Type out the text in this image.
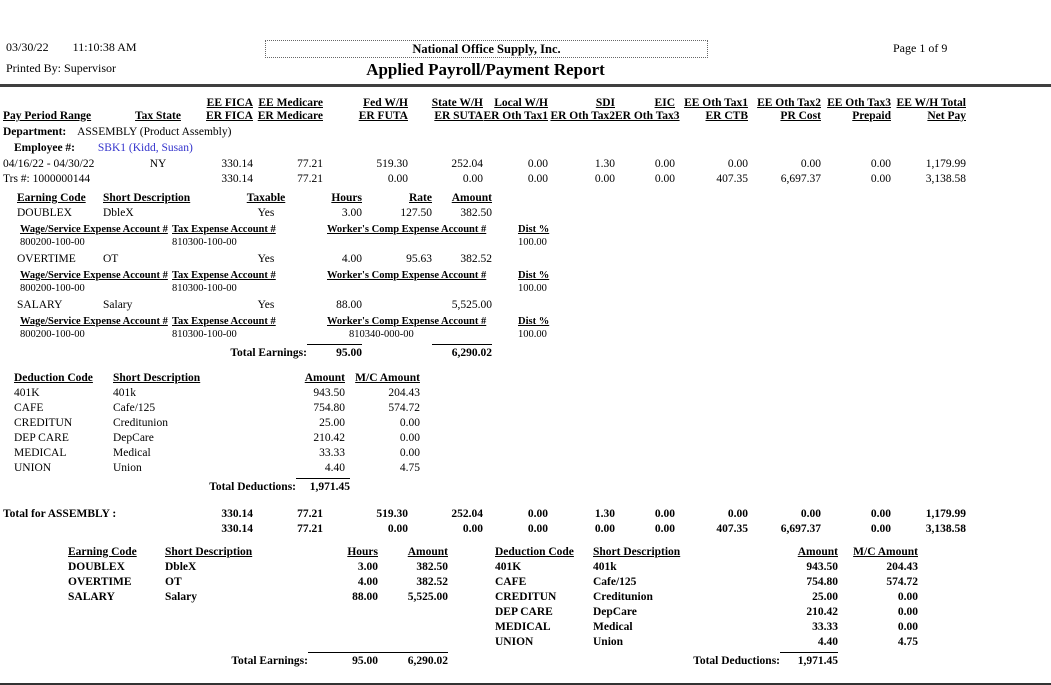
03/30/22 11:10:38 AM
Printed By: Supervisor
National Office Supply, Inc.
Applied Payroll/Payment Report
Page 1 of 9
		EE FICA	EE Medicare	Fed W/H	State W/H	Local W/H	SDI	EIC	EE Oth Tax1	EE Oth Tax2	EE Oth Tax3	EE W/H Total
Pay Period Range	Tax State	ER FICA	ER Medicare	ER FUTA	ER SUTA	ER Oth Tax1	ER Oth Tax2	ER Oth Tax3	ER CTB	PR Cost	Prepaid	Net Pay
Department: ASSEMBLY (Product Assembly)
Employee #: SBK1 (Kidd, Susan)
04/16/22 - 04/30/22	NY	330.14	77.21	519.30	252.04	0.00	1.30	0.00	0.00	0.00	0.00	1,179.99
Trs #: 1000000144		330.14	77.21	0.00	0.00	0.00	0.00	0.00	407.35	6,697.37	0.00	3,138.58
Earning Code	Short Description	Taxable	Hours	Rate	Amount
DOUBLEX	DbleX	Yes	3.00	127.50	382.50
Wage/Service Expense Account #	Tax Expense Account #	Worker's Comp Expense Account #	Dist %
800200-100-00	810300-100-00		100.00
OVERTIME	OT	Yes	4.00	95.63	382.52
Wage/Service Expense Account #	Tax Expense Account #	Worker's Comp Expense Account #	Dist %
800200-100-00	810300-100-00		100.00
SALARY	Salary	Yes	88.00		5,525.00
Wage/Service Expense Account #	Tax Expense Account #	Worker's Comp Expense Account #	Dist %
800200-100-00	810300-100-00	810340-000-00	100.00
Total Earnings:	95.00		6,290.02
Deduction Code	Short Description	Amount	M/C Amount
401K	401k	943.50	204.43
CAFE	Cafe/125	754.80	574.72
CREDITUN	Creditunion	25.00	0.00
DEP CARE	DepCare	210.42	0.00
MEDICAL	Medical	33.33	0.00
UNION	Union	4.40	4.75
Total Deductions:	1,971.45
Total for ASSEMBLY :	330.14	77.21	519.30	252.04	0.00	1.30	0.00	0.00	0.00	0.00	1,179.99
	330.14	77.21	0.00	0.00	0.00	0.00	0.00	407.35	6,697.37	0.00	3,138.58
Earning Code	Short Description	Hours	Amount
DOUBLEX	DbleX	3.00	382.50
OVERTIME	OT	4.00	382.52
SALARY	Salary	88.00	5,525.00
Total Earnings:	95.00	6,290.02
Deduction Code	Short Description	Amount	M/C Amount
401K	401k	943.50	204.43
CAFE	Cafe/125	754.80	574.72
CREDITUN	Creditunion	25.00	0.00
DEP CARE	DepCare	210.42	0.00
MEDICAL	Medical	33.33	0.00
UNION	Union	4.40	4.75
Total Deductions:	1,971.45	
